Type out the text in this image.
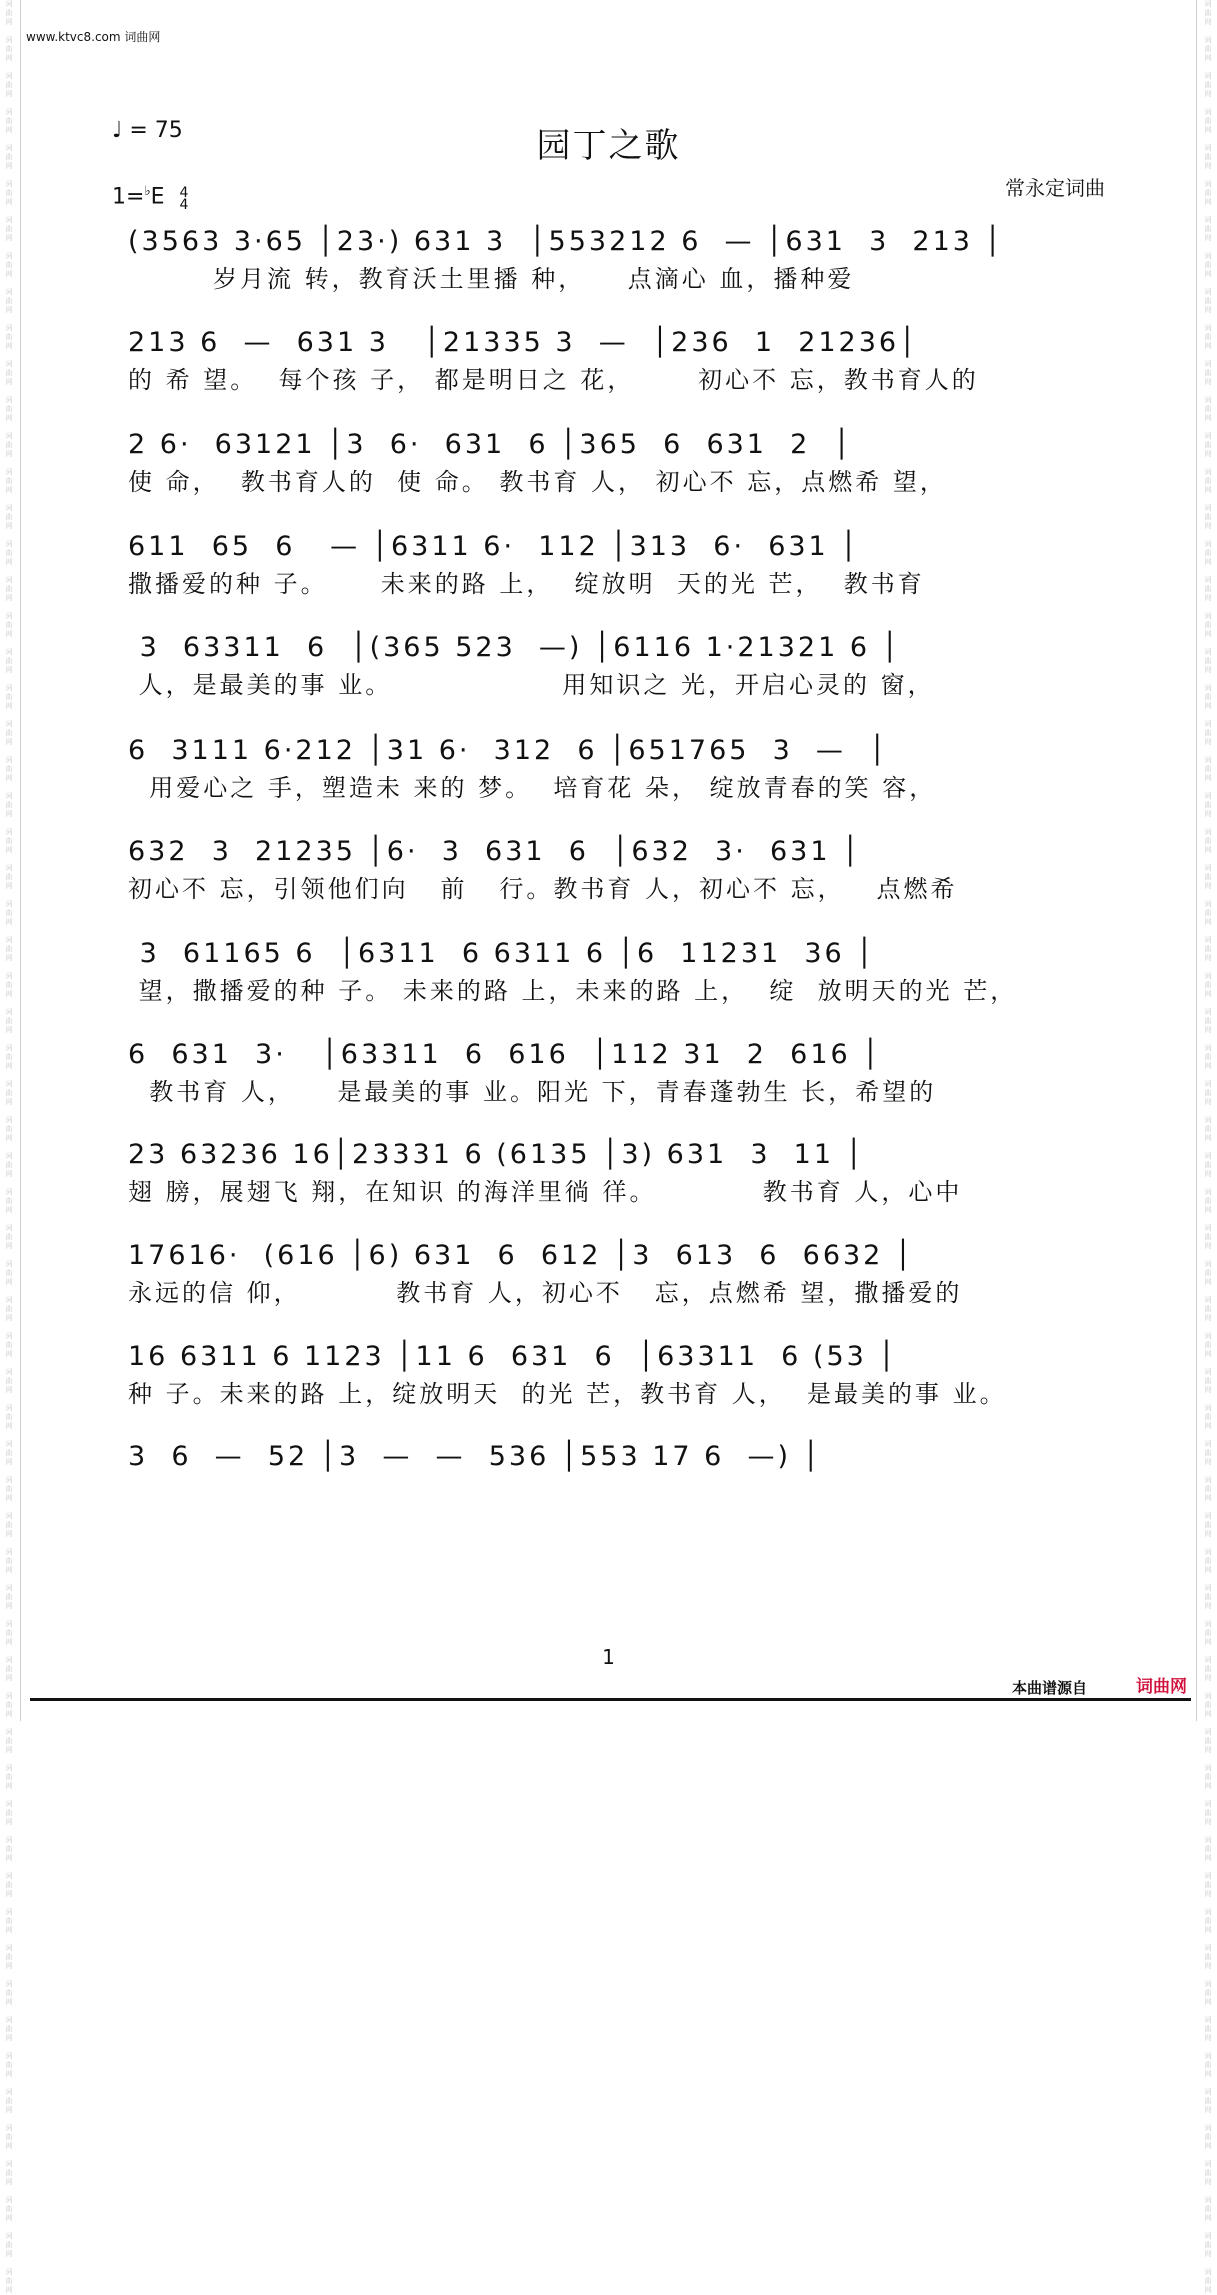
词
曲
网

词
曲
网

词
曲
网

词
曲
网

词
曲
网

词
曲
网

词
曲
网

词
曲
网

词
曲
网

词
曲
网

词
曲
网

词
曲
网

词
曲
网

词
曲
网

词
曲
网

词
曲
网

词
曲
网

词
曲
网

词
曲
网

词
曲
网

词
曲
网

词
曲
网

词
曲
网

词
曲
网

词
曲
网

词
曲
网

词
曲
网

词
曲
网

词
曲
网

词
曲
网

词
曲
网

词
曲
网

词
曲
网

词
曲
网

词
曲
网

词
曲
网

词
曲
网

词
曲
网

词
曲
网

词
曲
网

词
曲
网

词
曲
网

词
曲
网

词
曲
网

词
曲
网

词
曲
网

词
曲
网

词
曲
网

词
曲
网

词
曲
网

词
曲
网

词
曲
网

词
曲
网

词
曲
网

词
曲
网

词
曲
网

词
曲
网

词
曲
网

词
曲
网

词
曲
网

词
曲
网

词
曲
网

词
曲
网

词
曲
网

词
曲
网

词
曲
网

词
曲
网

词
曲
网

词
曲
网

词
曲
网

词
曲
网

词
曲
网

词
曲
网

词
曲
网

词
曲
网

词
曲
网

词
曲
网

词
曲
网

词
曲
网

词
曲
网

词
曲
网

词
曲
网

词
曲
网

词
曲
网

词
曲
网

词
曲
网

词
曲
网

词
曲
网

词
曲
网

词
曲
网

词
曲
网

词
曲
网

词
曲
网

词
曲
网

词
曲
网

词
曲
网

词
曲
网

词
曲
网

词
曲
网

词
曲
网

词
曲
网

词
曲
网

词
曲
网

词
曲
网

词
曲
网

词
曲
网

词
曲
网

词
曲
网

词
曲
网

词
曲
网

词
曲
网

词
曲
网

词
曲
网

词
曲
网

词
曲
网

词
曲
网

词
曲
网

词
曲
网

词
曲
网

词
曲
网

词
曲
网

词
曲
网

词
曲
网

词
曲
网

词
曲
网

词
曲
网

词
曲
网

词
曲
网

www.ktvc8.com 词曲网
♩ = 75
1=♭E 4
4
园丁之歌
常永定词曲
(3563 3·65 │23·) 631 3  │553212 6  — │631  3  213 │
岁月流 转，教育沃土里播 种，    点滴心 血，播种爱
213 6  —  631 3   │21335 3  —  │236  1  21236│
的 希 望。  每个孩 子， 都是明日之 花，      初心不 忘，教书育人的
2 6·  63121 │3  6·  631  6 │365  6  631  2  │
使 命，  教书育人的  使 命。 教书育 人， 初心不 忘，点燃希 望，
611  65  6   — │6311 6·  112 │313  6·  631 │
撒播爱的种 子。     未来的路 上，  绽放明  天的光 芒，  教书育
3  63311  6  │(365 523  —) │6116 1·21321 6 │
人，是最美的事 业。                用知识之 光，开启心灵的 窗，
6  3111 6·212 │31 6·  312  6 │651765  3  —  │
用爱心之 手，塑造未 来的 梦。  培育花 朵， 绽放青春的笑 容，
632  3  21235 │6·  3  631  6  │632  3·  631 │
初心不 忘，引领他们向   前   行。教书育 人，初心不 忘，   点燃希
3  61165 6  │6311  6 6311 6 │6  11231  36 │
望，撒播爱的种 子。 未来的路 上，未来的路 上，  绽  放明天的光 芒，
6  631  3·   │63311  6  616  │112 31  2  616 │
教书育 人，    是最美的事 业。阳光 下，青春蓬勃生 长，希望的
23 63236 16│23331 6 (6135 │3) 631  3  11 │
翅 膀，展翅飞 翔，在知识 的海洋里徜 徉。          教书育 人，心中
17616·  (616 │6) 631  6  612 │3  613  6  6632 │
永远的信 仰，         教书育 人，初心不   忘，点燃希 望，撒播爱的
16 6311 6 1123 │11 6  631  6  │63311  6 (53 │
种 子。未来的路 上，绽放明天  的光 芒，教书育 人，  是最美的事 业。
3  6  —  52 │3  —  —  536 │553 17 6  —) │
1
本曲谱源自	词曲网
